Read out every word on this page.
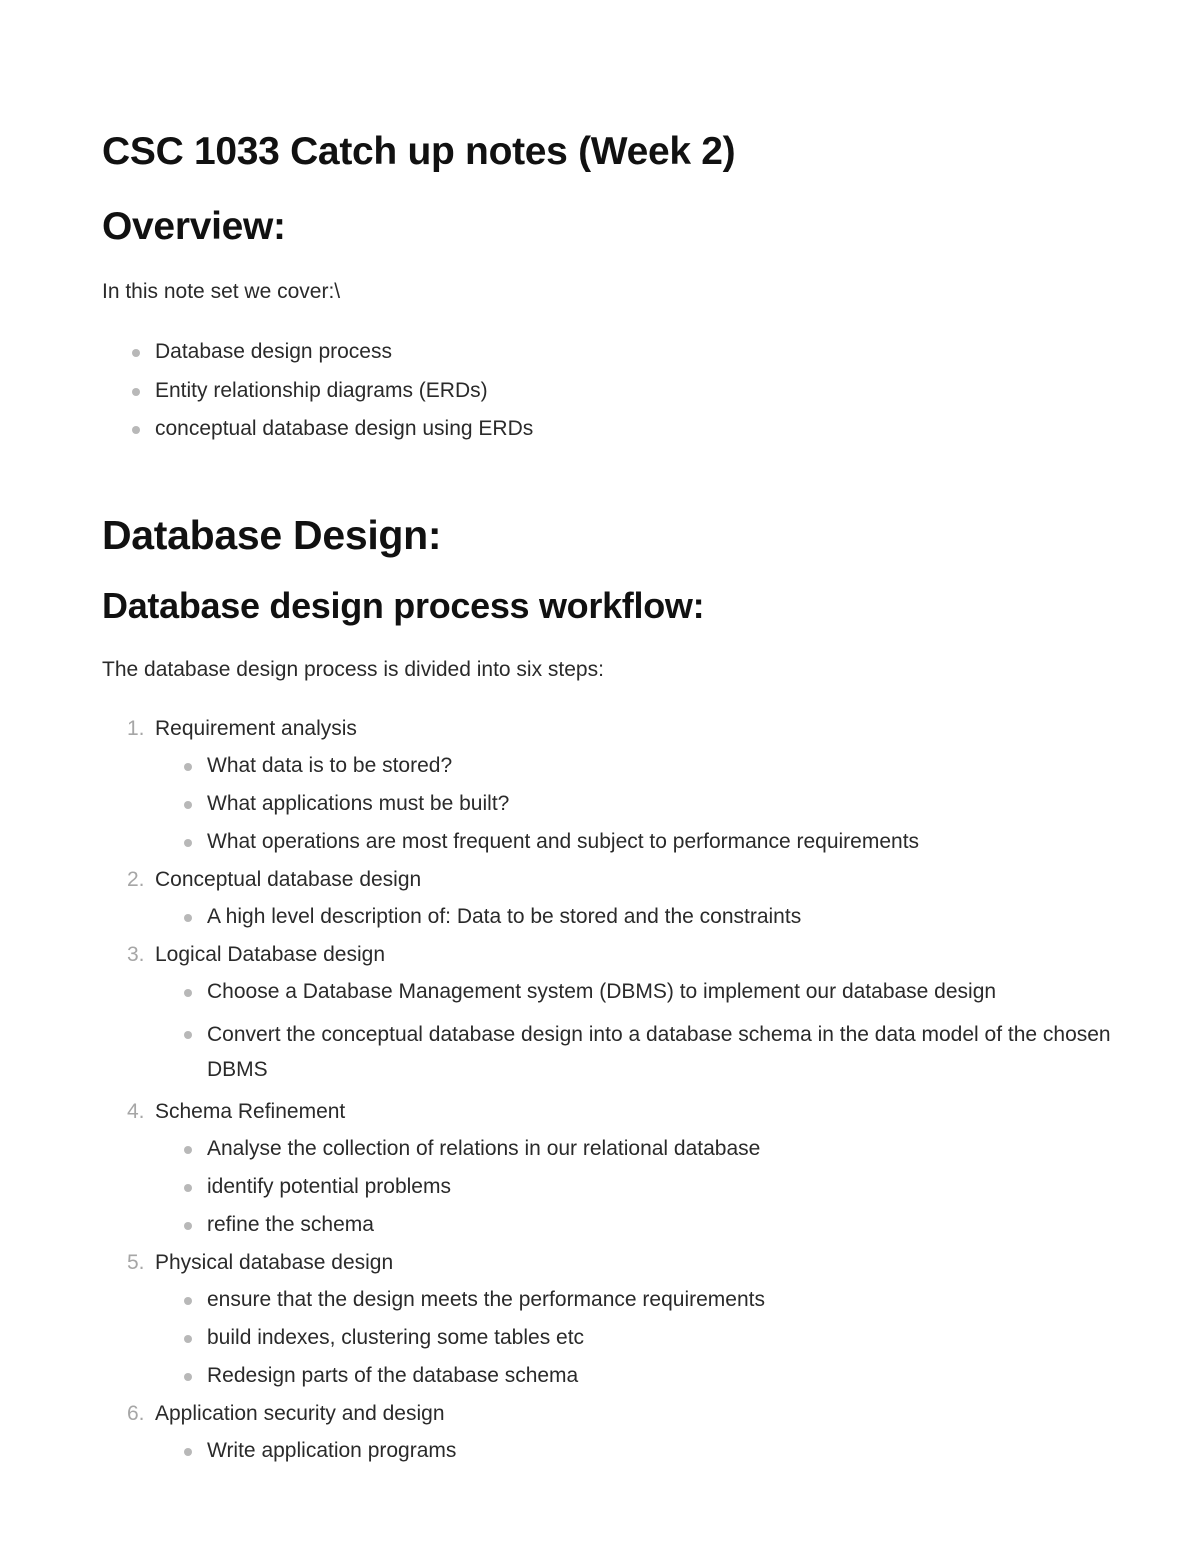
CSC 1033 Catch up notes (Week 2)
Overview:

In this note set we cover:\

Database design process
Entity relationship diagrams (ERDs)
conceptual database design using ERDs
Database Design:
Database design process workflow:

The database design process is divided into six steps:

1. Requirement analysis
What data is to be stored?
What applications must be built?
What operations are most frequent and subject to performance requirements
2. Conceptual database design
A high level description of: Data to be stored and the constraints
3. Logical Database design
Choose a Database Management system (DBMS) to implement our database design
Convert the conceptual database design into a database schema in the data model of the chosen DBMS
4. Schema Refinement
Analyse the collection of relations in our relational database
identify potential problems
refine the schema
5. Physical database design
ensure that the design meets the performance requirements
build indexes, clustering some tables etc
Redesign parts of the database schema
6. Application security and design
Write application programs
